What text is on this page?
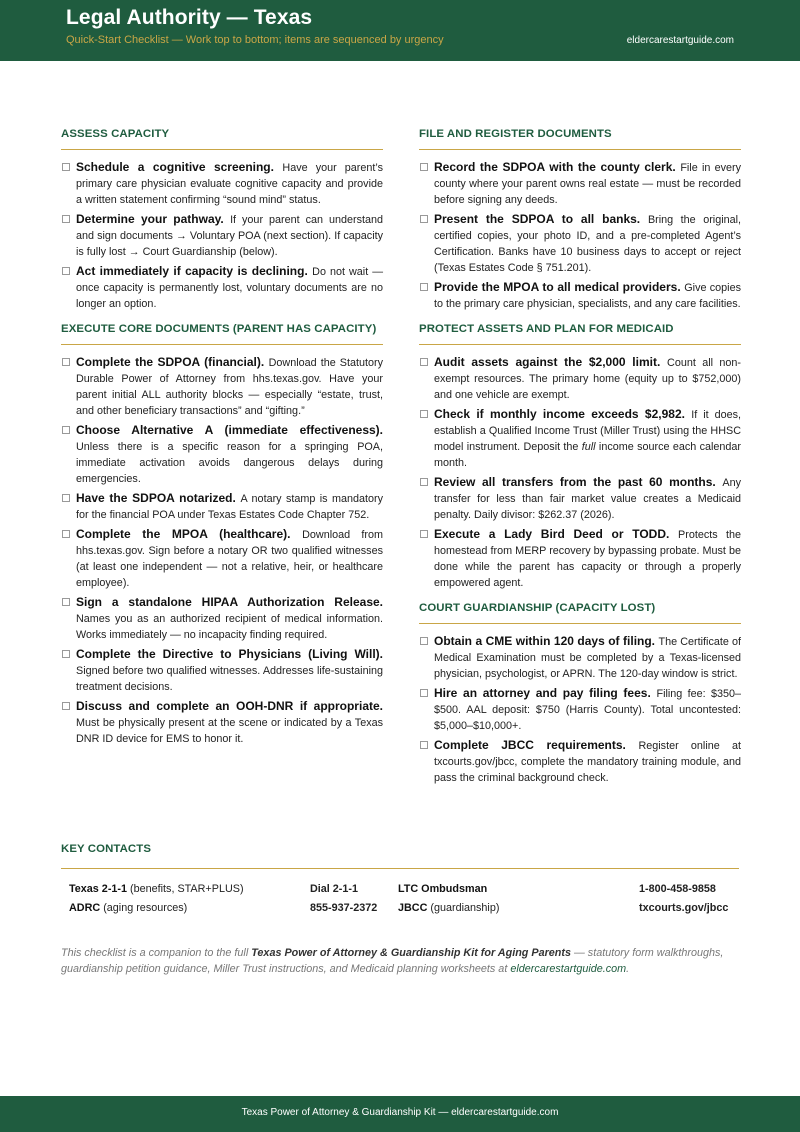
Legal Authority — Texas
Quick-Start Checklist — Work top to bottom; items are sequenced by urgency	eldercarestartguide.com
ASSESS CAPACITY
Schedule a cognitive screening. Have your parent’s primary care physician evaluate cognitive capacity and provide a written statement confirming “sound mind” status.
Determine your pathway. If your parent can understand and sign documents → Voluntary POA (next section). If capacity is fully lost → Court Guardianship (below).
Act immediately if capacity is declining. Do not wait — once capacity is permanently lost, voluntary documents are no longer an option.
EXECUTE CORE DOCUMENTS (PARENT HAS CAPACITY)
Complete the SDPOA (financial). Download the Statutory Durable Power of Attorney from hhs.texas.gov. Have your parent initial ALL authority blocks — especially “estate, trust, and other beneficiary transactions” and “gifting.”
Choose Alternative A (immediate effectiveness). Unless there is a specific reason for a springing POA, immediate activation avoids dangerous delays during emergencies.
Have the SDPOA notarized. A notary stamp is mandatory for the financial POA under Texas Estates Code Chapter 752.
Complete the MPOA (healthcare). Download from hhs.texas.gov. Sign before a notary OR two qualified witnesses (at least one independent — not a relative, heir, or healthcare employee).
Sign a standalone HIPAA Authorization Release. Names you as an authorized recipient of medical information. Works immediately — no incapacity finding required.
Complete the Directive to Physicians (Living Will). Signed before two qualified witnesses. Addresses life-sustaining treatment decisions.
Discuss and complete an OOH-DNR if appropriate. Must be physically present at the scene or indicated by a Texas DNR ID device for EMS to honor it.
FILE AND REGISTER DOCUMENTS
Record the SDPOA with the county clerk. File in every county where your parent owns real estate — must be recorded before signing any deeds.
Present the SDPOA to all banks. Bring the original, certified copies, your photo ID, and a pre-completed Agent’s Certification. Banks have 10 business days to accept or reject (Texas Estates Code § 751.201).
Provide the MPOA to all medical providers. Give copies to the primary care physician, specialists, and any care facilities.
PROTECT ASSETS AND PLAN FOR MEDICAID
Audit assets against the $2,000 limit. Count all non-exempt resources. The primary home (equity up to $752,000) and one vehicle are exempt.
Check if monthly income exceeds $2,982. If it does, establish a Qualified Income Trust (Miller Trust) using the HHSC model instrument. Deposit the full income source each calendar month.
Review all transfers from the past 60 months. Any transfer for less than fair market value creates a Medicaid penalty. Daily divisor: $262.37 (2026).
Execute a Lady Bird Deed or TODD. Protects the homestead from MERP recovery by bypassing probate. Must be done while the parent has capacity or through a properly empowered agent.
COURT GUARDIANSHIP (CAPACITY LOST)
Obtain a CME within 120 days of filing. The Certificate of Medical Examination must be completed by a Texas-licensed physician, psychologist, or APRN. The 120-day window is strict.
Hire an attorney and pay filing fees. Filing fee: $350–$500. AAL deposit: $750 (Harris County). Total uncontested: $5,000–$10,000+.
Complete JBCC requirements. Register online at txcourts.gov/jbcc, complete the mandatory training module, and pass the criminal background check.
KEY CONTACTS
Texas 2-1-1 (benefits, STAR+PLUS)	Dial 2-1-1	LTC Ombudsman	1-800-458-9858
ADRC (aging resources)	855-937-2372 JBCC (guardianship)	txcourts.gov/jbcc
This checklist is a companion to the full Texas Power of Attorney & Guardianship Kit for Aging Parents — statutory form walkthroughs, guardianship petition guidance, Miller Trust instructions, and Medicaid planning worksheets at eldercarestartguide.com.
Texas Power of Attorney & Guardianship Kit — eldercarestartguide.com
